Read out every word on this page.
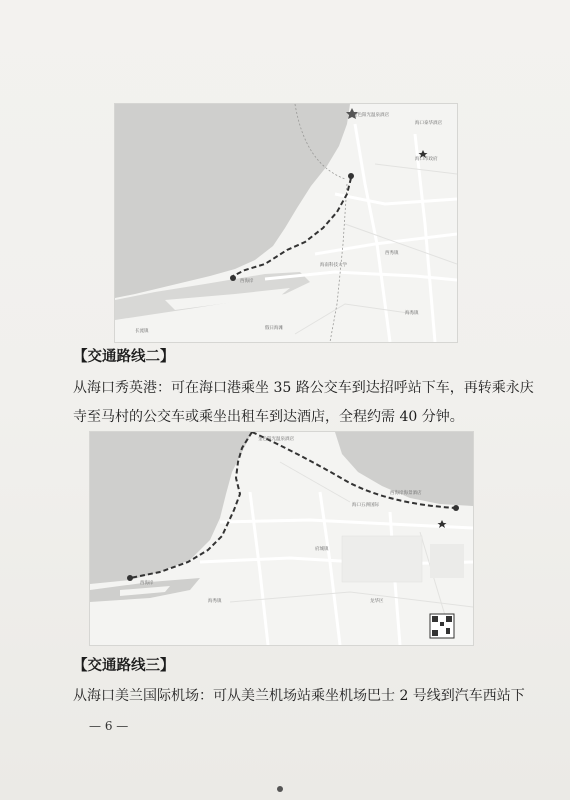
金色阳光温泉酒店
海口泰华酒店
海口市政府
西海岸
西秀镇
海南科技大学
长流镇
假日海滩
海秀镇
【交通路线二】
从海口秀英港：可在海口港乘坐 35 路公交车到达招呼站下车，再转乘永庆
寺至马村的公交车或乘坐出租车到达酒店，全程约需 40 分钟。
金色阳光温泉酒店
西海岸海景酒店
海口五洲国际
西海岸
府城镇
海秀镇	龙华区
【交通路线三】
从海口美兰国际机场：可从美兰机场站乘坐机场巴士 2 号线到汽车西站下
— 6 —
